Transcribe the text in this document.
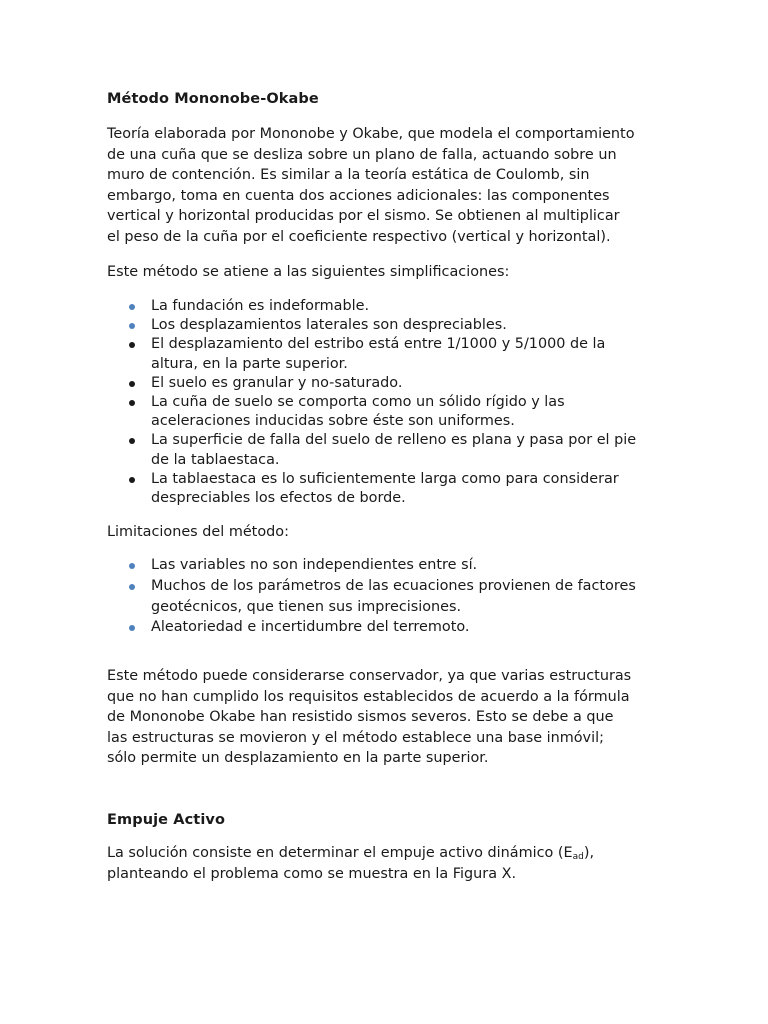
Método Mononobe-Okabe
Teoría elaborada por Mononobe y Okabe, que modela el comportamiento
de una cuña que se desliza sobre un plano de falla, actuando sobre un
muro de contención. Es similar a la teoría estática de Coulomb, sin
embargo, toma en cuenta dos acciones adicionales: las componentes
vertical y horizontal producidas por el sismo. Se obtienen al multiplicar
el peso de la cuña por el coeficiente respectivo (vertical y horizontal).
Este método se atiene a las siguientes simplificaciones:
La fundación es indeformable.
Los desplazamientos laterales son despreciables.
El desplazamiento del estribo está entre 1/1000 y 5/1000 de la
altura, en la parte superior.
El suelo es granular y no-saturado.
La cuña de suelo se comporta como un sólido rígido y las
aceleraciones inducidas sobre éste son uniformes.
La superficie de falla del suelo de relleno es plana y pasa por el pie
de la tablaestaca.
La tablaestaca es lo suficientemente larga como para considerar
despreciables los efectos de borde.
Limitaciones del método:
Las variables no son independientes entre sí.
Muchos de los parámetros de las ecuaciones provienen de factores
geotécnicos, que tienen sus imprecisiones.
Aleatoriedad e incertidumbre del terremoto.
Este método puede considerarse conservador, ya que varias estructuras
que no han cumplido los requisitos establecidos de acuerdo a la fórmula
de Mononobe Okabe han resistido sismos severos. Esto se debe a que
las estructuras se movieron y el método establece una base inmóvil;
sólo permite un desplazamiento en la parte superior.
Empuje Activo
La solución consiste en determinar el empuje activo dinámico $(E_{ad})$,
planteando el problema como se muestra en la Figura X.
